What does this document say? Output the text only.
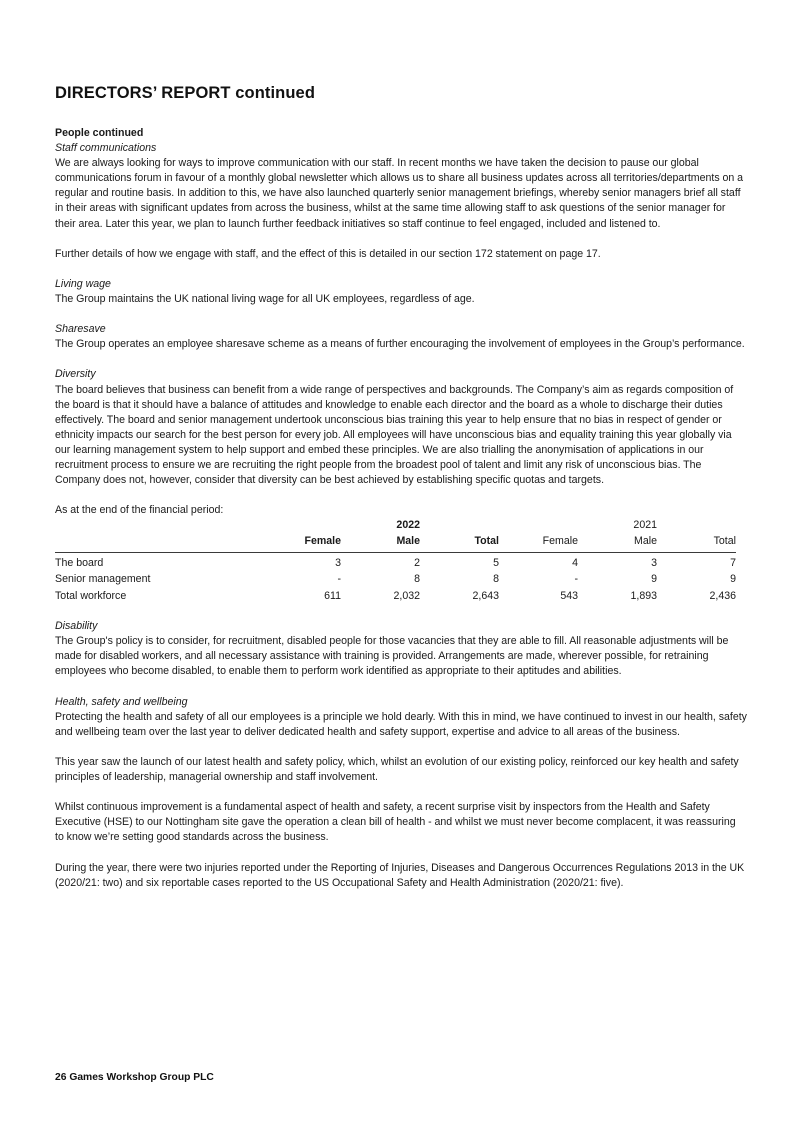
DIRECTORS’ REPORT continued
People continued
Staff communications

We are always looking for ways to improve communication with our staff. In recent months we have taken the decision to pause our global communications forum in favour of a monthly global newsletter which allows us to share all business updates across all territories/departments on a regular and routine basis. In addition to this, we have also launched quarterly senior management briefings, whereby senior managers brief all staff in their areas with significant updates from across the business, whilst at the same time allowing staff to ask questions of the senior manager for their area. Later this year, we plan to launch further feedback initiatives so staff continue to feel engaged, included and listened to.

Further details of how we engage with staff, and the effect of this is detailed in our section 172 statement on page 17.

Living wage

The Group maintains the UK national living wage for all UK employees, regardless of age.

Sharesave

The Group operates an employee sharesave scheme as a means of further encouraging the involvement of employees in the Group’s performance.

Diversity

The board believes that business can benefit from a wide range of perspectives and backgrounds. The Company’s aim as regards composition of the board is that it should have a balance of attitudes and knowledge to enable each director and the board as a whole to discharge their duties effectively. The board and senior management undertook unconscious bias training this year to help ensure that no bias in respect of gender or ethnicity impacts our search for the best person for every job. All employees will have unconscious bias and equality training this year globally via our learning management system to help support and embed these principles. We are also trialling the anonymisation of applications in our recruitment process to ensure we are recruiting the right people from the broadest pool of talent and limit any risk of unconscious bias. The Company does not, however, consider that diversity can be best achieved by establishing specific quotas and targets.

As at the end of the financial period:

		2022			2021	
	Female	Male	Total	Female	Male	Total
The board	3	2	5	4	3	7
Senior management	-	8	8	-	9	9
Total workforce	611	2,032	2,643	543	1,893	2,436
Disability

The Group's policy is to consider, for recruitment, disabled people for those vacancies that they are able to fill. All reasonable adjustments will be made for disabled workers, and all necessary assistance with training is provided. Arrangements are made, wherever possible, for retraining employees who become disabled, to enable them to perform work identified as appropriate to their aptitudes and abilities.

Health, safety and wellbeing

Protecting the health and safety of all our employees is a principle we hold dearly. With this in mind, we have continued to invest in our health, safety and wellbeing team over the last year to deliver dedicated health and safety support, expertise and advice to all areas of the business.

This year saw the launch of our latest health and safety policy, which, whilst an evolution of our existing policy, reinforced our key health and safety principles of leadership, managerial ownership and staff involvement.

Whilst continuous improvement is a fundamental aspect of health and safety, a recent surprise visit by inspectors from the Health and Safety Executive (HSE) to our Nottingham site gave the operation a clean bill of health - and whilst we must never become complacent, it was reassuring to know we’re setting good standards across the business.

During the year, there were two injuries reported under the Reporting of Injuries, Diseases and Dangerous Occurrences Regulations 2013 in the UK (2020/21: two) and six reportable cases reported to the US Occupational Safety and Health Administration (2020/21: five).

26 Games Workshop Group PLC
